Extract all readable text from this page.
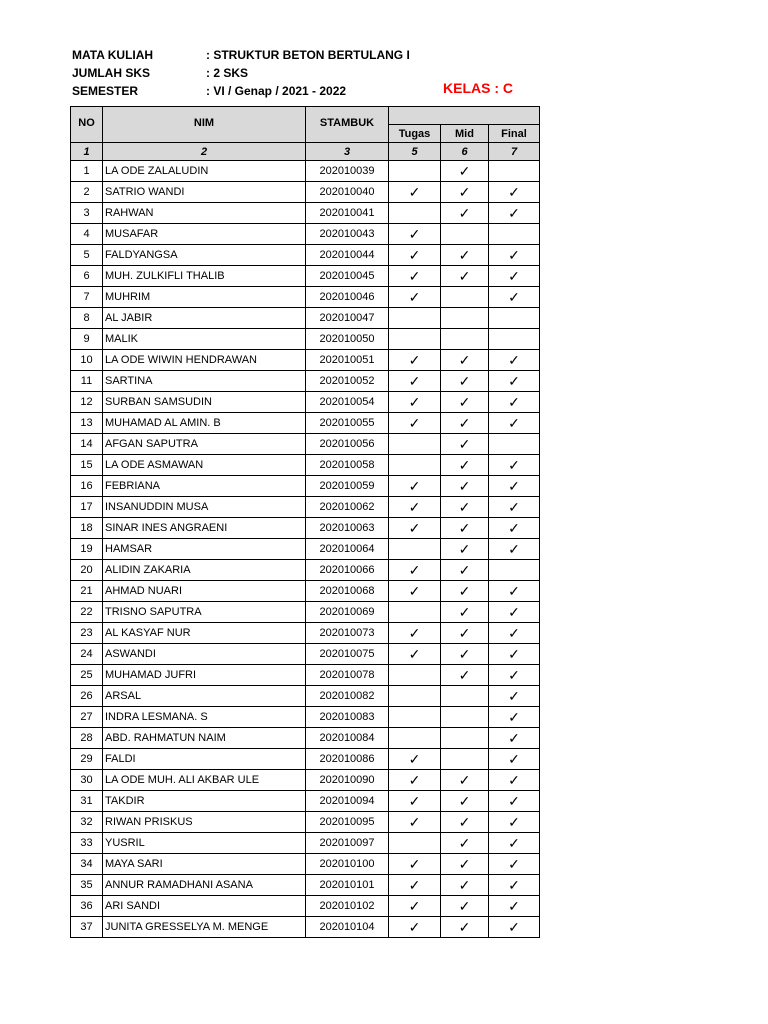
MATA KULIAH	: STRUKTUR BETON BERTULANG I
JUMLAH SKS	: 2 SKS
SEMESTER	: VI / Genap / 2021 - 2022	KELAS : C
NO	NIM	STAMBUK			
			Tugas	Mid	Final
1	2	3	5	6	7
1	LA ODE ZALALUDIN	202010039		✓	
2	SATRIO WANDI	202010040	✓	✓	✓
3	RAHWAN	202010041		✓	✓
4	MUSAFAR	202010043	✓		
5	FALDYANGSA	202010044	✓	✓	✓
6	MUH. ZULKIFLI THALIB	202010045	✓	✓	✓
7	MUHRIM	202010046	✓		✓
8	AL JABIR	202010047			
9	MALIK	202010050			
10	LA ODE WIWIN HENDRAWAN	202010051	✓	✓	✓
11	SARTINA	202010052	✓	✓	✓
12	SURBAN SAMSUDIN	202010054	✓	✓	✓
13	MUHAMAD AL AMIN. B	202010055	✓	✓	✓
14	AFGAN SAPUTRA	202010056		✓	
15	LA ODE ASMAWAN	202010058		✓	✓
16	FEBRIANA	202010059	✓	✓	✓
17	INSANUDDIN MUSA	202010062	✓	✓	✓
18	SINAR INES ANGRAENI	202010063	✓	✓	✓
19	HAMSAR	202010064		✓	✓
20	ALIDIN ZAKARIA	202010066	✓	✓	
21	AHMAD NUARI	202010068	✓	✓	✓
22	TRISNO SAPUTRA	202010069		✓	✓
23	AL KASYAF NUR	202010073	✓	✓	✓
24	ASWANDI	202010075	✓	✓	✓
25	MUHAMAD JUFRI	202010078		✓	✓
26	ARSAL	202010082			✓
27	INDRA LESMANA. S	202010083			✓
28	ABD. RAHMATUN NAIM	202010084			✓
29	FALDI	202010086	✓		✓
30	LA ODE MUH. ALI AKBAR ULE	202010090	✓	✓	✓
31	TAKDIR	202010094	✓	✓	✓
32	RIWAN PRISKUS	202010095	✓	✓	✓
33	YUSRIL	202010097		✓	✓
34	MAYA SARI	202010100	✓	✓	✓
35	ANNUR RAMADHANI ASANA	202010101	✓	✓	✓
36	ARI SANDI	202010102	✓	✓	✓
37	JUNITA GRESSELYA M. MENGE	202010104	✓	✓	✓
